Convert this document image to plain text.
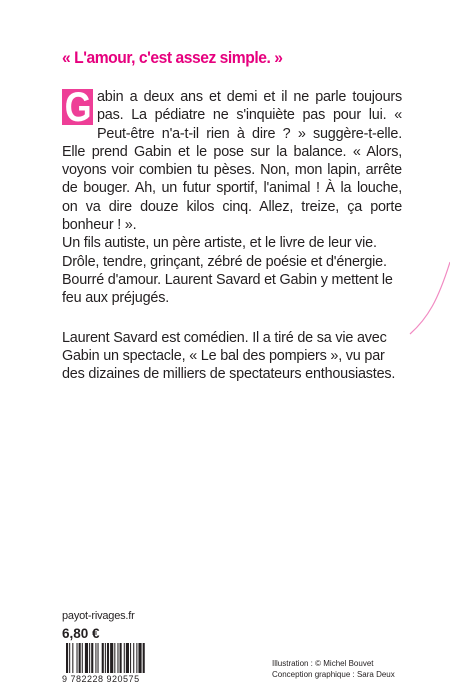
« L'amour, c'est assez simple. »

G abin a deux ans et demi et il ne parle toujours pas. La pédiatre ne s'inquiète pas pour lui. « Peut-être n'a-t-il rien à dire ? » suggère-t-elle. Elle prend Gabin et le pose sur la balance. « Alors, voyons voir combien tu pèses. Non, mon lapin, arrête de bouger. Ah, un futur sportif, l'animal ! À la louche, on va dire douze kilos cinq. Allez, treize, ça porte bonheur ! ».

Un fils autiste, un père artiste, et le livre de leur vie. Drôle, tendre, grinçant, zébré de poésie et d'énergie. Bourré d'amour. Laurent Savard et Gabin y mettent le feu aux préjugés.

Laurent Savard est comédien. Il a tiré de sa vie avec Gabin un spectacle, « Le bal des pompiers », vu par des dizaines de milliers de spectateurs enthousiastes.

payot-rivages.fr
6,80 €
9 782228 920575
Illustration : © Michel Bouvet
Conception graphique : Sara Deux
